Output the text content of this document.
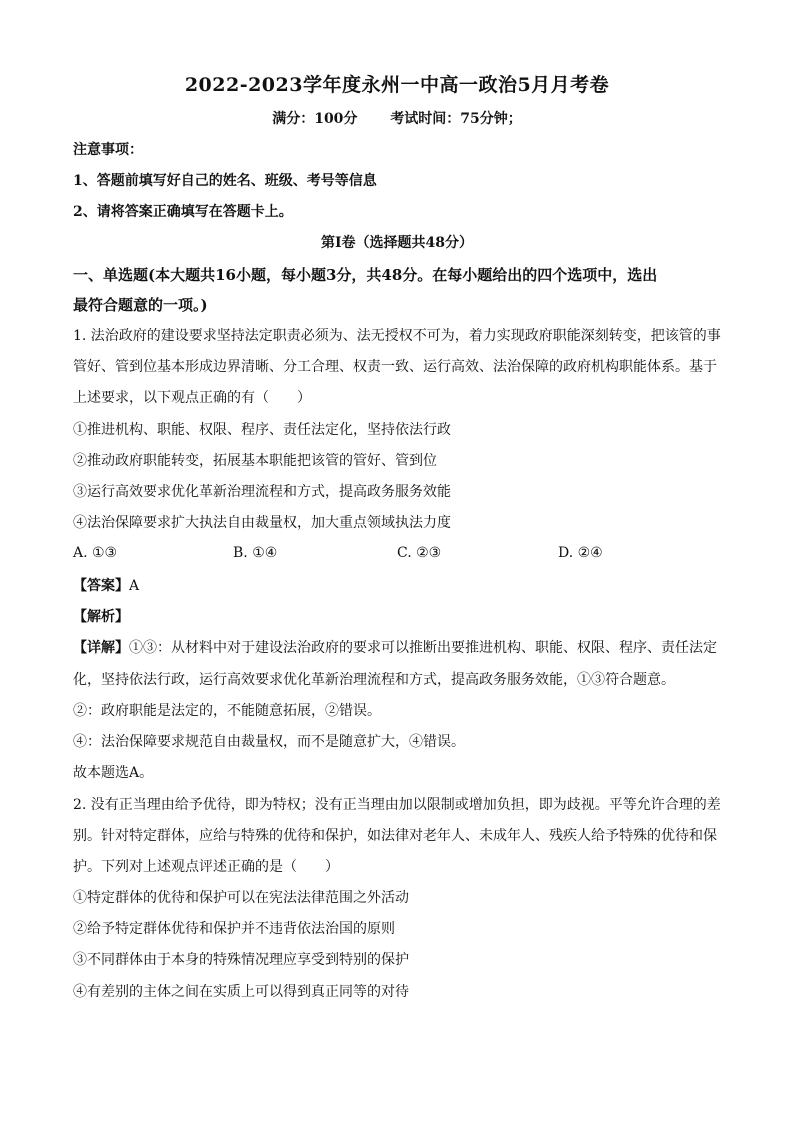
2022-2023学年度永州一中高一政治5月月考卷
满分：100分 考试时间：75分钟；
注意事项：
1、答题前填写好自己的姓名、班级、考号等信息
2、请将答案正确填写在答题卡上。
第I卷（选择题共48分）
一、单选题(本大题共16小题，每小题3分，共48分。在每小题给出的四个选项中，选出
最符合题意的一项。)
1. 法治政府的建设要求坚持法定职责必须为、法无授权不可为，着力实现政府职能深刻转变，把该管的事
管好、管到位基本形成边界清晰、分工合理、权责一致、运行高效、法治保障的政府机构职能体系。基于
上述要求，以下观点正确的有（　　）
①推进机构、职能、权限、程序、责任法定化，坚持依法行政
②推动政府职能转变，拓展基本职能把该管的管好、管到位
③运行高效要求优化革新治理流程和方式，提高政务服务效能
④法治保障要求扩大执法自由裁量权，加大重点领域执法力度
A. ①③	B. ①④	C. ②③	D. ②④
【答案】A
【解析】
【详解】①③：从材料中对于建设法治政府的要求可以推断出要推进机构、职能、权限、程序、责任法定
化，坚持依法行政，运行高效要求优化革新治理流程和方式，提高政务服务效能，①③符合题意。
②：政府职能是法定的，不能随意拓展，②错误。
④：法治保障要求规范自由裁量权，而不是随意扩大，④错误。
故本题选A。
2. 没有正当理由给予优待，即为特权；没有正当理由加以限制或增加负担，即为歧视。平等允许合理的差
别。针对特定群体，应给与特殊的优待和保护，如法律对老年人、未成年人、残疾人给予特殊的优待和保
护。下列对上述观点评述正确的是（　　）
①特定群体的优待和保护可以在宪法法律范围之外活动
②给予特定群体优待和保护并不违背依法治国的原则
③不同群体由于本身的特殊情况理应享受到特别的保护
④有差别的主体之间在实质上可以得到真正同等的对待
